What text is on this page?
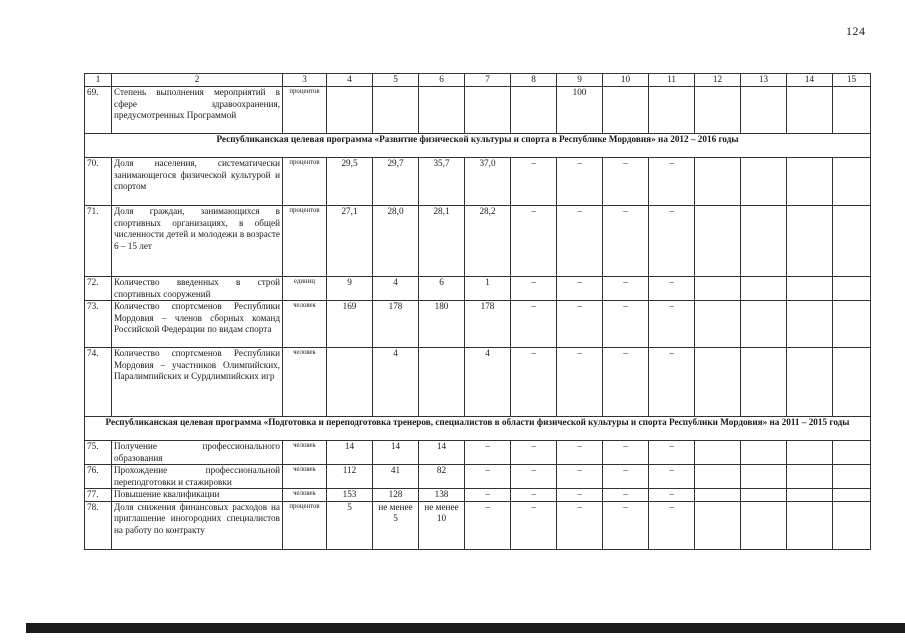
124
1	2	3	4	5	6	7	8	9	10	11	12	13	14	15
69.	Степень выполнения мероприятий в сфере здравоохранения, предусмотренных Программой	процентов						100						
Республиканская целевая программа «Развитие физической культуры и спорта в Республике Мордовия» на 2012 – 2016 годы														
70.	Доля населения, систематически занимающегося физической культурой и спортом	процентов	29,5	29,7	35,7	37,0	–	–	–	–				
71.	Доля граждан, занимающихся в спортивных организациях, в общей численности детей и молодежи в возрасте 6 – 15 лет	процентов	27,1	28,0	28,1	28,2	–	–	–	–				
72.	Количество введенных в строй спортивных сооружений	единиц	9	4	6	1	–	–	–	–				
73.	Количество спортсменов Республики Мордовия – членов сборных команд Российской Федерации по видам спорта	человек	169	178	180	178	–	–	–	–				
74.	Количество спортсменов Республики Мордовия – участников Олимпийских, Паралимпийских и Сурдлимпийских игр	человек		4		4	–	–	–	–				
Республиканская целевая программа «Подготовка и переподготовка тренеров, специалистов в области физической культуры и спорта Республики Мордовия» на 2011 – 2015 годы														
75.	Получение профессионального образования	человек	14	14	14	–	–	–	–	–				
76.	Прохождение профессиональной переподготовки и стажировки	человек	112	41	82	–	–	–	–	–				
77.	Повышение квалификации	человек	153	128	138	–	–	–	–	–				
78.	Доля снижения финансовых расходов на приглашение иногородних специалистов на работу по контракту	процентов	5	не менее 5	не менее 10	–	–	–	–	–				
